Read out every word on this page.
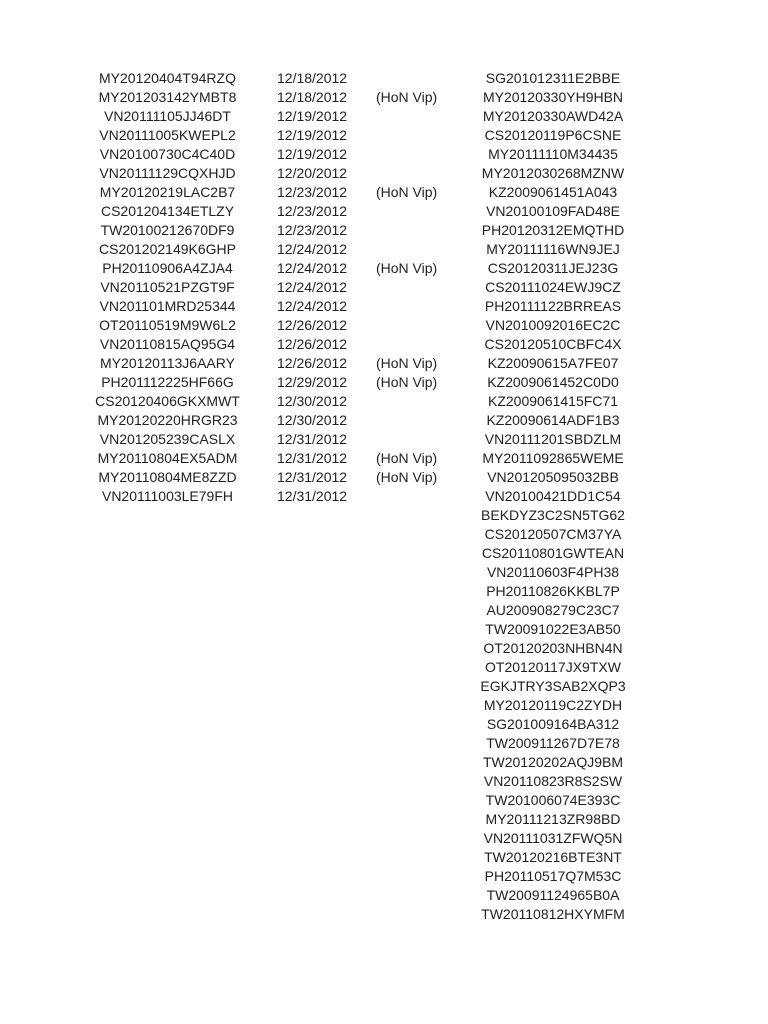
MY20120404T94RZQ
MY201203142YMBT8
VN20111105JJ46DT
VN20111005KWEPL2
VN20100730C4C40D
VN20111129CQXHJD
MY20120219LAC2B7
CS201204134ETLZY
TW20100212670DF9
CS201202149K6GHP
PH20110906A4ZJA4
VN20110521PZGT9F
VN201101MRD25344
OT20110519M9W6L2
VN20110815AQ95G4
MY20120113J6AARY
PH201112225HF66G
CS20120406GKXMWT
MY20120220HRGR23
VN201205239CASLX
MY20110804EX5ADM
MY20110804ME8ZZD
VN20111003LE79FH
12/18/2012
12/18/2012
12/19/2012
12/19/2012
12/19/2012
12/20/2012
12/23/2012
12/23/2012
12/23/2012
12/24/2012
12/24/2012
12/24/2012
12/24/2012
12/26/2012
12/26/2012
12/26/2012
12/29/2012
12/30/2012
12/30/2012
12/31/2012
12/31/2012
12/31/2012
12/31/2012
(HoN Vip)
(HoN Vip)
(HoN Vip)
(HoN Vip)
(HoN Vip)
(HoN Vip)
(HoN Vip)
SG201012311E2BBE
MY20120330YH9HBN
MY20120330AWD42A
CS20120119P6CSNE
MY20111110M34435
MY2012030268MZNW
KZ2009061451A043
VN20100109FAD48E
PH20120312EMQTHD
MY20111116WN9JEJ
CS20120311JEJ23G
CS20111024EWJ9CZ
PH20111122BRREAS
VN2010092016EC2C
CS20120510CBFC4X
KZ20090615A7FE07
KZ2009061452C0D0
KZ2009061415FC71
KZ20090614ADF1B3
VN20111201SBDZLM
MY2011092865WEME
VN201205095032BB
VN20100421DD1C54
BEKDYZ3C2SN5TG62
CS20120507CM37YA
CS20110801GWTEAN
VN20110603F4PH38
PH20110826KKBL7P
AU200908279C23C7
TW20091022E3AB50
OT20120203NHBN4N
OT20120117JX9TXW
EGKJTRY3SAB2XQP3
MY20120119C2ZYDH
SG201009164BA312
TW200911267D7E78
TW20120202AQJ9BM
VN20110823R8S2SW
TW201006074E393C
MY20111213ZR98BD
VN20111031ZFWQ5N
TW20120216BTE3NT
PH20110517Q7M53C
TW20091124965B0A
TW20110812HXYMFM
